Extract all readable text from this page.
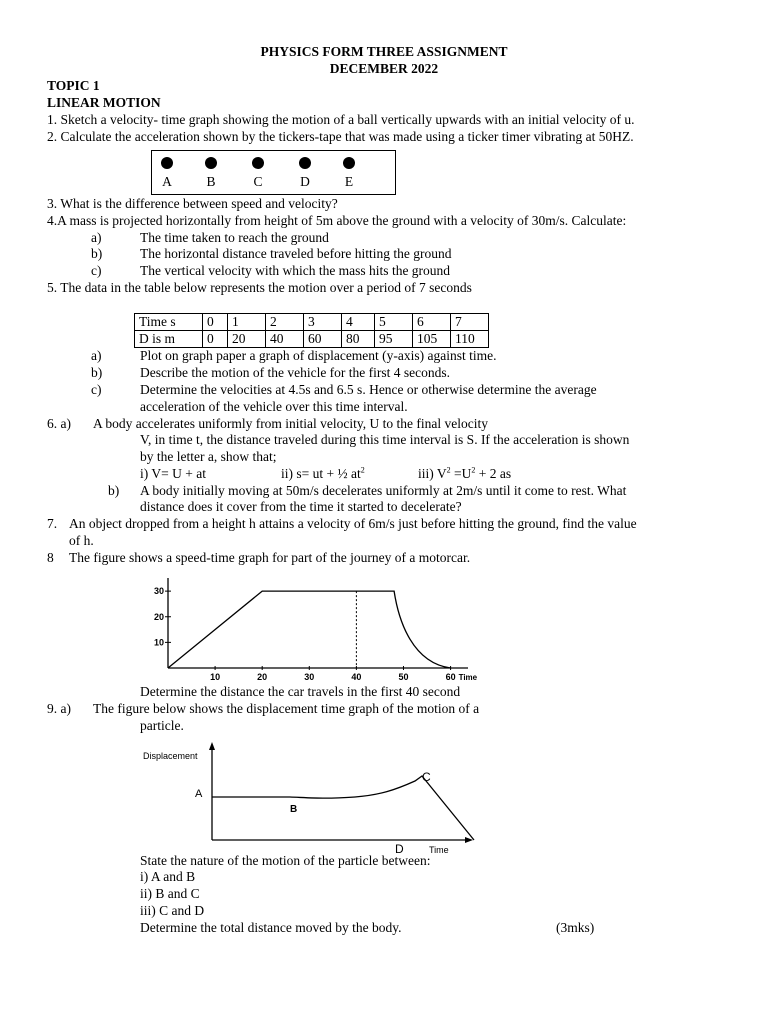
PHYSICS FORM THREE ASSIGNMENT
DECEMBER 2022
TOPIC 1
LINEAR MOTION
1. Sketch a velocity- time graph showing the motion of a ball vertically upwards with an initial velocity of u.
2. Calculate the acceleration shown by the tickers-tape that was made using a ticker timer vibrating at 50HZ.
A	B	C	D	E
3. What is the difference between speed and velocity?
4.A mass is projected horizontally from height of 5m above the ground with a velocity of 30m/s. Calculate:
a)	The time taken to reach the ground
b)	The horizontal distance traveled before hitting the ground
c)	The vertical velocity with which the mass hits the ground
5. The data in the table below represents the motion over a period of 7 seconds
Time s	0	1	2	3	4	5	6	7
D is m	0	20	40	60	80	95	105	110
a)	Plot on graph paper a graph of displacement (y-axis) against time.
b)	Describe the motion of the vehicle for the first 4 seconds.
c)	Determine the velocities at 4.5s and 6.5 s. Hence or otherwise determine the average
acceleration of the vehicle over this time interval.
6. a) A body accelerates uniformly from initial velocity, U to the final velocity
V, in time t, the distance traveled during this time interval is S. If the acceleration is shown
by the letter a, show that;
i) V= U + at	ii) s= ut + ½ $at^2$	iii) $V^2 =U^2 + 2$ as
b) A body initially moving at 50m/s decelerates uniformly at 2m/s until it come to rest. What
distance does it cover from the time it started to decelerate?
7. An object dropped from a height h attains a velocity of 6m/s just before hitting the ground, find the value
of h.
8 The figure shows a speed-time graph for part of the journey of a motorcar.
10
20
30
10	20	30	40	50	60 Time
Determine the distance the car travels in the first 40 second
9. a) The figure below shows the displacement time graph of the motion of a
particle.
Displacement
A
B
C
D	Time
State the nature of the motion of the particle between:
i) A and B
ii) B and C
iii) C and D
Determine the total distance moved by the body.	(3mks)
